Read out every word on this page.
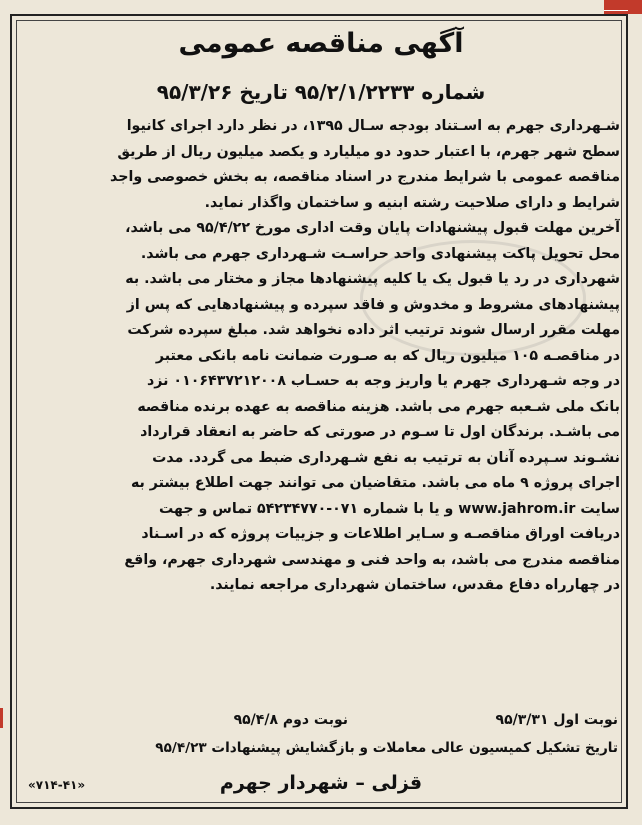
آگهی مناقصه عمومی
شماره ۹۵/۲/۱/۲۲۳۳ تاریخ ۹۵/۳/۲۶
شـهرداری جهرم به اسـتناد بودجه سـال ۱۳۹۵، در نظر دارد اجرای کانیوا
سطح شهر جهرم، با اعتبار حدود دو میلیارد و یکصد میلیون ریال از طریق
مناقصه عمومی با شرایط مندرج در اسناد مناقصه، به بخش خصوصی واجد
شرایط و دارای صلاحیت رشته ابنیه و ساختمان واگذار نماید.
آخرین مهلت قبول پیشنهادات پایان وقت اداری مورخ ۹۵/۴/۲۲ می باشد،
محل تحویل پاکت پیشنهادی واحد حراسـت شـهرداری جهرم می باشد.
شهرداری در رد یا قبول یک یا کلیه پیشنهادها مجاز و مختار می باشد. به
پیشنهادهای مشروط و مخدوش و فاقد سپرده و پیشنهادهایی که پس از
مهلت مقرر ارسال شوند ترتیب اثر داده نخواهد شد. مبلغ سپرده شرکت
در مناقصـه ۱۰۵ میلیون ریال که به صـورت ضمانت نامه بانکی معتبر
در وجه شـهرداری جهرم یا واریز وجه به حسـاب ۰۱۰۶۴۳۷۲۱۲۰۰۸ نزد
بانک ملی شـعبه جهرم می باشد. هزینه مناقصه به عهده برنده مناقصه
می باشـد. برندگان اول تا سـوم در صورتی که حاضر به انعقاد قرارداد
نشـوند سـپرده آنان به ترتیب به نفع شـهرداری ضبط می گردد. مدت
اجرای پروژه ۹ ماه می باشد. متقاضیان می توانند جهت اطلاع بیشتر به
سایت www.jahrom.ir و یا با شماره ۰۷۱-۵۴۲۳۴۷۷۰ تماس و جهت
دریافت اوراق مناقصـه و سـایر اطلاعات و جزییات پروژه که در اسـناد
مناقصه مندرج می باشد، به واحد فنی و مهندسی شهرداری جهرم، واقع
در چهارراه دفاع مقدس، ساختمان شهرداری مراجعه نمایند.
نوبت اول ۹۵/۳/۳۱
نوبت دوم ۹۵/۴/۸
تاریخ تشکیل کمیسیون عالی معاملات و بازگشایش پیشنهادات ۹۵/۴/۲۳
قزلی – شهردار جهرم
«۷۱۴-۴۱»
